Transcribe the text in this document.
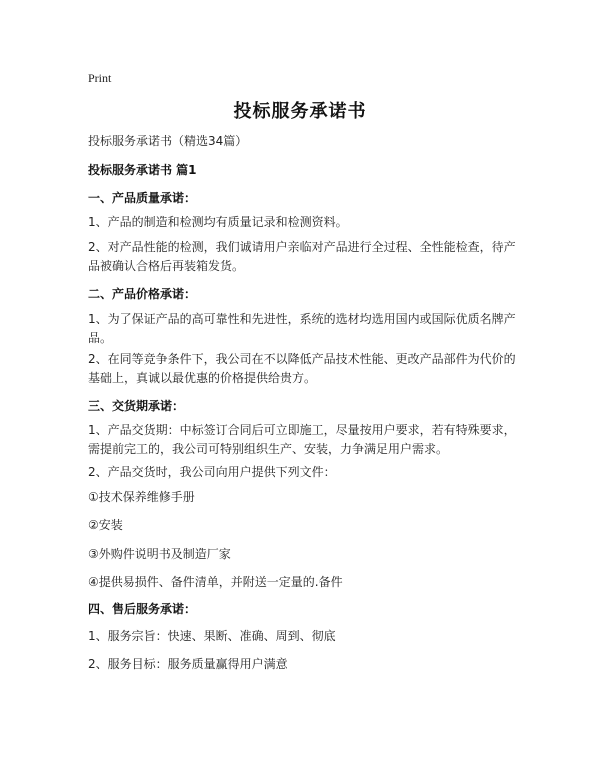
Print
投标服务承诺书
投标服务承诺书（精选34篇）
投标服务承诺书 篇1
一、产品质量承诺：
1、产品的制造和检测均有质量记录和检测资料。
2、对产品性能的检测，我们诚请用户亲临对产品进行全过程、全性能检查，待产品被确认合格后再装箱发货。
二、产品价格承诺：
1、为了保证产品的高可靠性和先进性，系统的选材均选用国内或国际优质名牌产品。
2、在同等竞争条件下，我公司在不以降低产品技术性能、更改产品部件为代价的基础上，真诚以最优惠的价格提供给贵方。
三、交货期承诺：
1、产品交货期：中标签订合同后可立即施工，尽量按用户要求，若有特殊要求，需提前完工的，我公司可特别组织生产、安装，力争满足用户需求。
2、产品交货时，我公司向用户提供下列文件：
①技术保养维修手册
②安装
③外购件说明书及制造厂家
④提供易损件、备件清单，并附送一定量的.备件
四、售后服务承诺：
1、服务宗旨：快速、果断、准确、周到、彻底
2、服务目标：服务质量赢得用户满意
